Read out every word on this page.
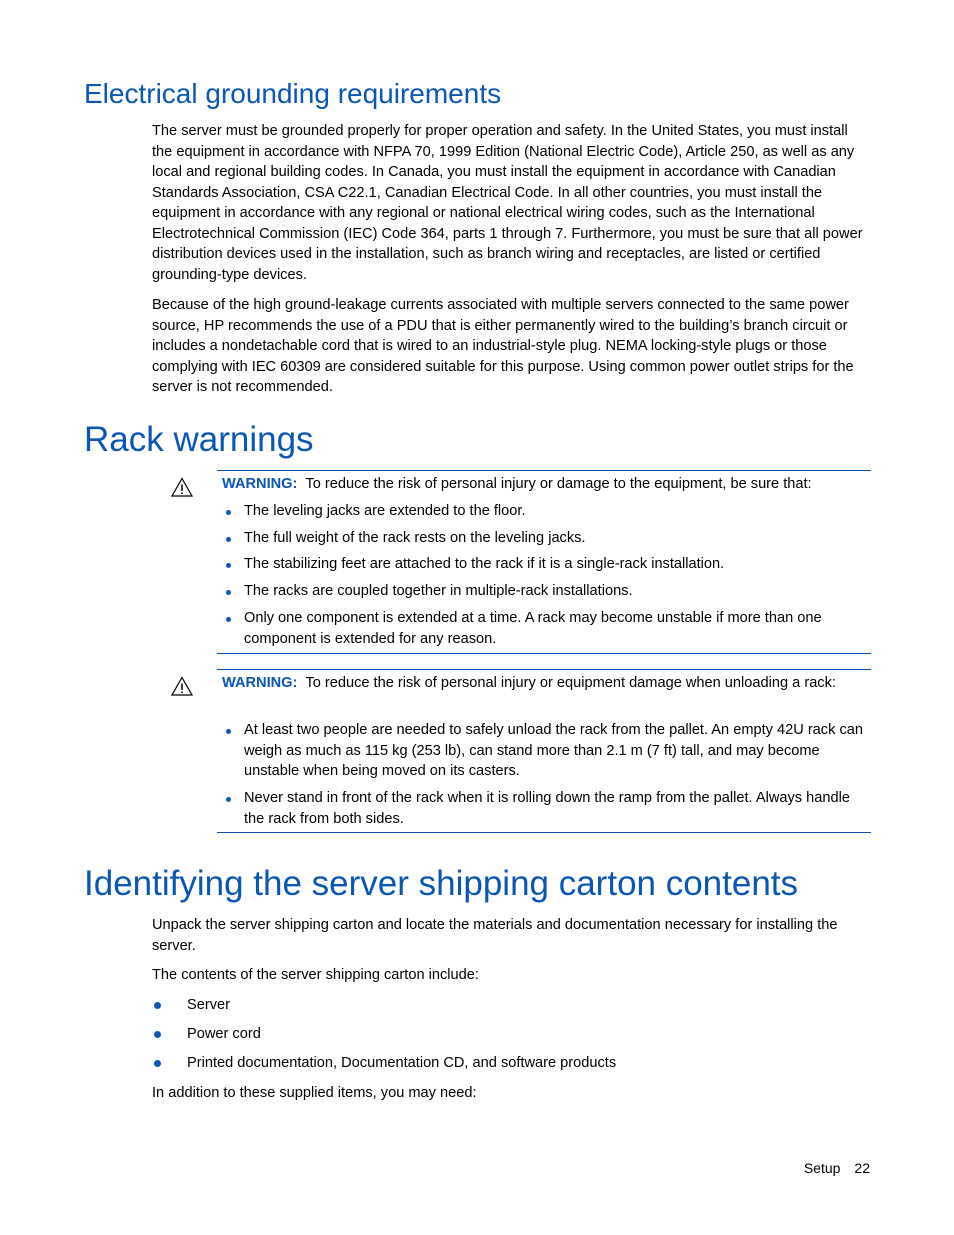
Electrical grounding requirements

The server must be grounded properly for proper operation and safety. In the United States, you must install the equipment in accordance with NFPA 70, 1999 Edition (National Electric Code), Article 250, as well as any local and regional building codes. In Canada, you must install the equipment in accordance with Canadian Standards Association, CSA C22.1, Canadian Electrical Code. In all other countries, you must install the equipment in accordance with any regional or national electrical wiring codes, such as the International Electrotechnical Commission (IEC) Code 364, parts 1 through 7. Furthermore, you must be sure that all power distribution devices used in the installation, such as branch wiring and receptacles, are listed or certified grounding-type devices.

Because of the high ground-leakage currents associated with multiple servers connected to the same power source, HP recommends the use of a PDU that is either permanently wired to the building’s branch circuit or includes a nondetachable cord that is wired to an industrial-style plug. NEMA locking-style plugs or those complying with IEC 60309 are considered suitable for this purpose. Using common power outlet strips for the server is not recommended.

Rack warnings

WARNING: To reduce the risk of personal injury or damage to the equipment, be sure that:

The leveling jacks are extended to the floor.

The full weight of the rack rests on the leveling jacks.

The stabilizing feet are attached to the rack if it is a single-rack installation.

The racks are coupled together in multiple-rack installations.

Only one component is extended at a time. A rack may become unstable if more than one component is extended for any reason.

WARNING: To reduce the risk of personal injury or equipment damage when unloading a rack:

At least two people are needed to safely unload the rack from the pallet. An empty 42U rack can weigh as much as 115 kg (253 lb), can stand more than 2.1 m (7 ft) tall, and may become unstable when being moved on its casters.

Never stand in front of the rack when it is rolling down the ramp from the pallet. Always handle the rack from both sides.

Identifying the server shipping carton contents

Unpack the server shipping carton and locate the materials and documentation necessary for installing the server.

The contents of the server shipping carton include:

Server

Power cord

Printed documentation, Documentation CD, and software products

In addition to these supplied items, you may need:

Setup 22
